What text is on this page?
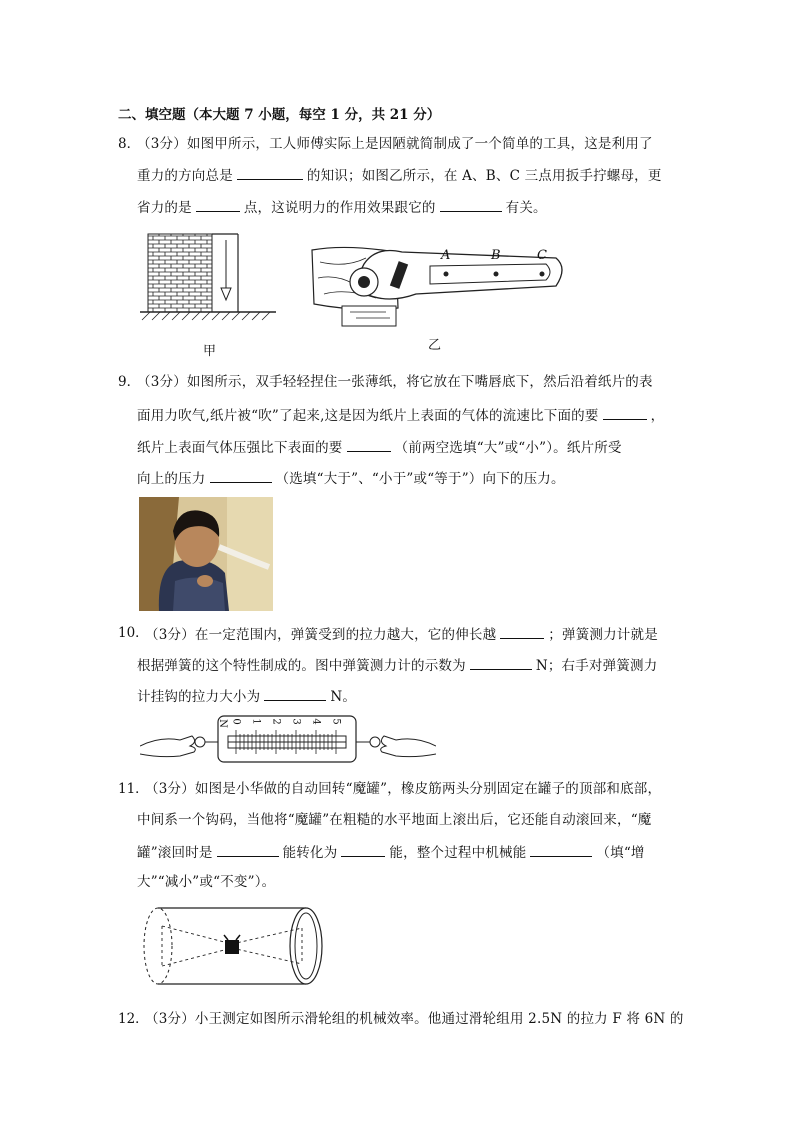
二、填空题（本大题 7 小题，每空 1 分，共 21 分）
8．
（3分）如图甲所示，工人师傅实际上是因陋就简制成了一个简单的工具，这是利用了
重力的方向总是	的知识；如图乙所示，在 A、B、C 三点用扳手拧螺母，更
省力的是	点，这说明力的作用效果跟它的	有关。
甲
A	B	C
乙
9．
（3分）如图所示，双手轻轻捏住一张薄纸，将它放在下嘴唇底下，然后沿着纸片的表
面用力吹气,纸片被“吹”了起来,这是因为纸片上表面的气体的流速比下面的要	，
纸片上表面气体压强比下表面的要	（前两空选填“大”或“小”）。纸片所受
向上的压力	（选填“大于”、“小于”或“等于”）向下的压力。
10．
（3分）在一定范围内，弹簧受到的拉力越大，它的伸长越	；弹簧测力计就是
根据弹簧的这个特性制成的。图中弹簧测力计的示数为	N；右手对弹簧测力
计挂钩的拉力大小为	N。
N 0 1 2 3 4 5
11．
（3分）如图是小华做的自动回转“魔罐”，橡皮筋两头分别固定在罐子的顶部和底部，
中间系一个钩码，当他将“魔罐”在粗糙的水平地面上滚出后，它还能自动滚回来，“魔
罐”滚回时是	能转化为	能，整个过程中机械能	（填“增
大”“减小”或“不变”）。
12．
（3分）小王测定如图所示滑轮组的机械效率。他通过滑轮组用 2.5N 的拉力 F 将 6N 的
